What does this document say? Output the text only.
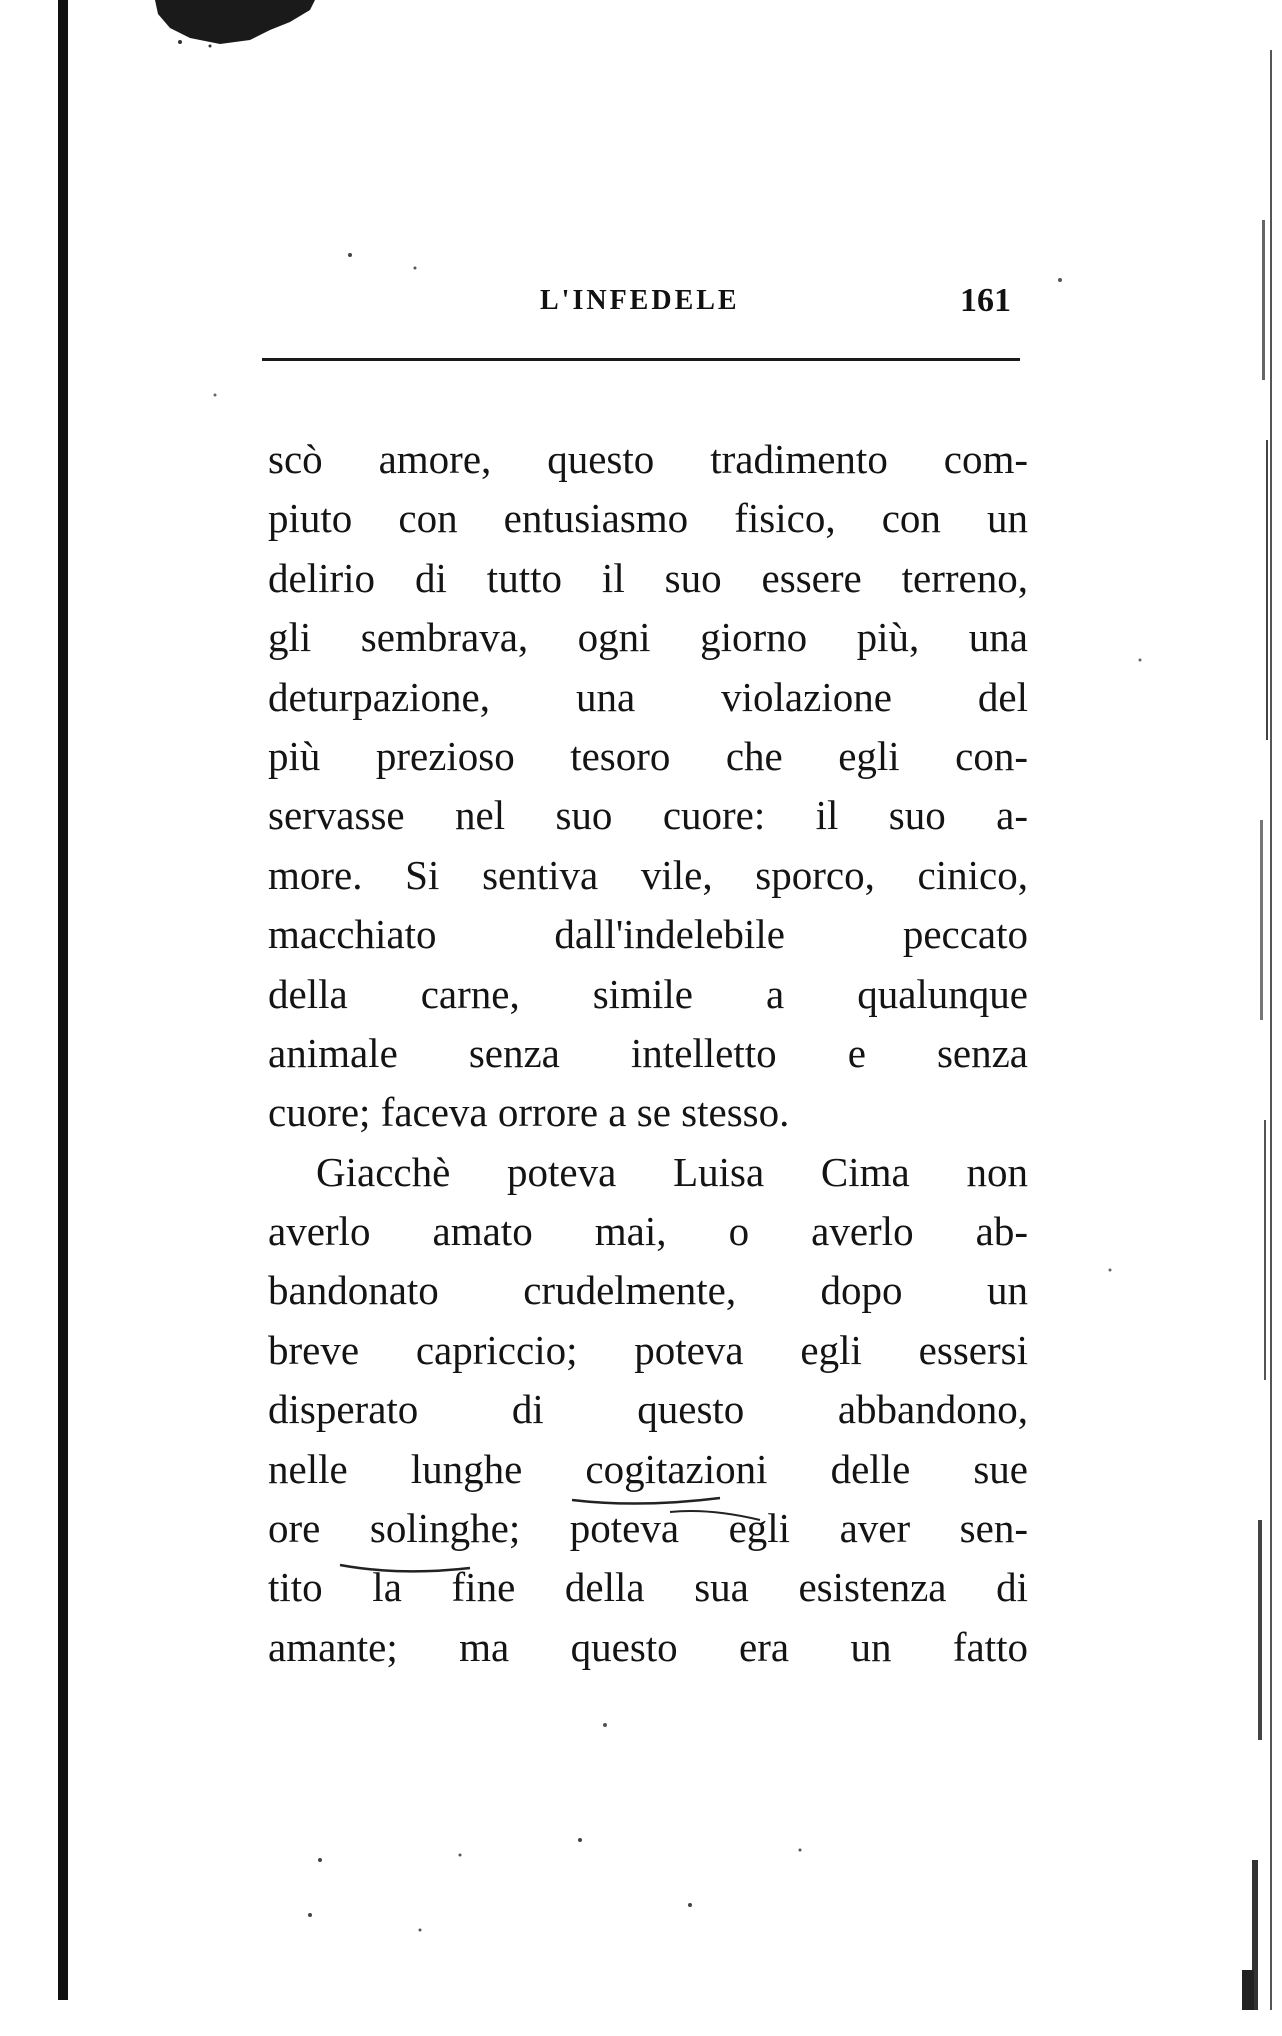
L'INFEDELE	161
scò amore, questo tradimento com-
piuto con entusiasmo fisico, con un
delirio di tutto il suo essere terreno,
gli sembrava, ogni giorno più, una
deturpazione, una violazione del
più prezioso tesoro che egli con-
servasse nel suo cuore: il suo a-
more. Si sentiva vile, sporco, cinico,
macchiato dall'indelebile peccato
della carne, simile a qualunque
animale senza intelletto e senza
cuore; faceva orrore a se stesso.
Giacchè poteva Luisa Cima non
averlo amato mai, o averlo ab-
bandonato crudelmente, dopo un
breve capriccio; poteva egli essersi
disperato di questo abbandono,
nelle lunghe cogitazioni delle sue
ore solinghe; poteva egli aver sen-
tito la fine della sua esistenza di
amante; ma questo era un fatto
